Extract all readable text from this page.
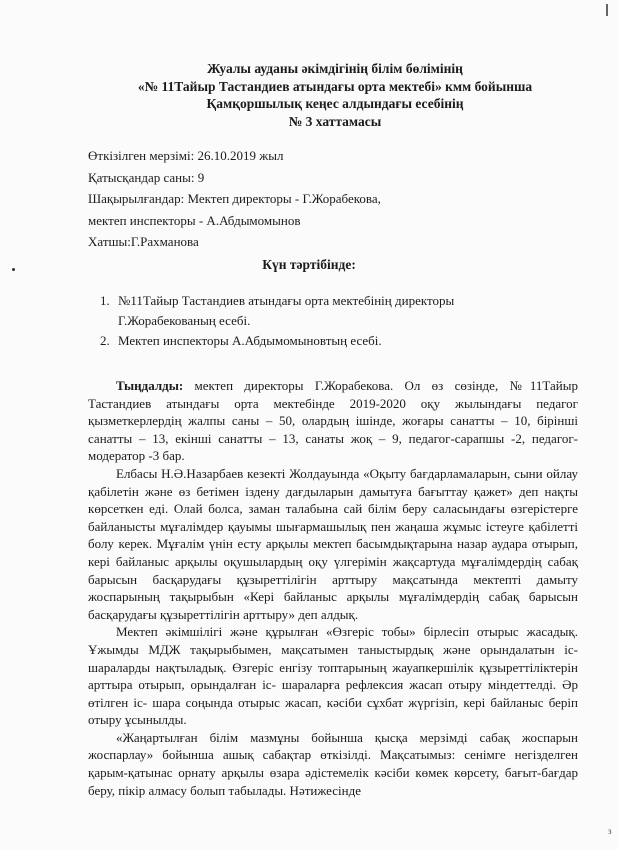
Жуалы ауданы әкімдігінің білім бөлімінің
«№ 11Тайыр Тастандиев атындағы орта мектебі» кмм бойынша
Қамқоршылық кеңес алдындағы есебінің
№ 3 хаттамасы
Өткізілген мерзімі: 26.10.2019 жыл
Қатысқандар саны: 9
Шақырылғандар: Мектеп директоры - Г.Жорабекова,
мектеп инспекторы - А.Абдымомынов
Хатшы:Г.Рахманова
Күн тәртібінде:
1. №11Тайыр Тастандиев атындағы орта мектебінің директоры
Г.Жорабекованың есебі.
2. Мектеп инспекторы А.Абдымомыновтың есебі.

Тыңдалды: мектеп директоры Г.Жорабекова. Ол өз сөзінде, №11Тайыр Тастандиев атындағы орта мектебінде 2019-2020 оқу жылындағы педагог қызметкерлердің жалпы саны – 50, олардың ішінде, жоғары санатты – 10, бірінші санатты – 13, екінші санатты – 13, санаты жоқ – 9, педагог-сарапшы -2, педагог-модератор -3 бар.

Елбасы Н.Ә.Назарбаев кезекті Жолдауында «Оқыту бағдарламаларын, сыни ойлау қабілетін және өз бетімен іздену дағдыларын дамытуға бағыттау қажет» деп нақты көрсеткен еді. Олай болса, заман талабына сай білім беру саласындағы өзгерістерге байланысты мұғалімдер қауымы шығармашылық пен жаңаша жұмыс істеуге қабілетті болу керек. Мұғалім үнін есту арқылы мектеп басымдықтарына назар аудара отырып, кері байланыс арқылы оқушылардың оқу үлгерімін жақсартуда мұғалімдердің сабақ барысын басқарудағы құзыреттілігін арттыру мақсатында мектепті дамыту жоспарының тақырыбын «Кері байланыс арқылы мұғалімдердің сабақ барысын басқарудағы құзыреттілігін арттыру» деп алдық.

Мектеп әкімшілігі және құрылған «Өзгеріс тобы» бірлесіп отырыс жасадық. Ұжымды МДЖ тақырыбымен, мақсатымен таныстырдық және орындалатын іс- шараларды нақтыладық. Өзгеріс енгізу топтарының жауапкершілік құзыреттіліктерін арттыра отырып, орындалған іс- шараларға рефлексия жасап отыру міндеттелді. Әр өтілген іс- шара соңында отырыс жасап, кәсіби сұхбат жүргізіп, кері байланыс беріп отыру ұсынылды.

«Жаңартылған білім мазмұны бойынша қысқа мерзімді сабақ жоспарын жоспарлау» бойынша ашық сабақтар өткізілді. Мақсатымыз: сенімге негізделген қарым-қатынас орнату арқылы өзара әдістемелік кәсіби көмек көрсету, бағыт-бағдар беру, пікір алмасу болып табылады. Нәтижесінде

з
